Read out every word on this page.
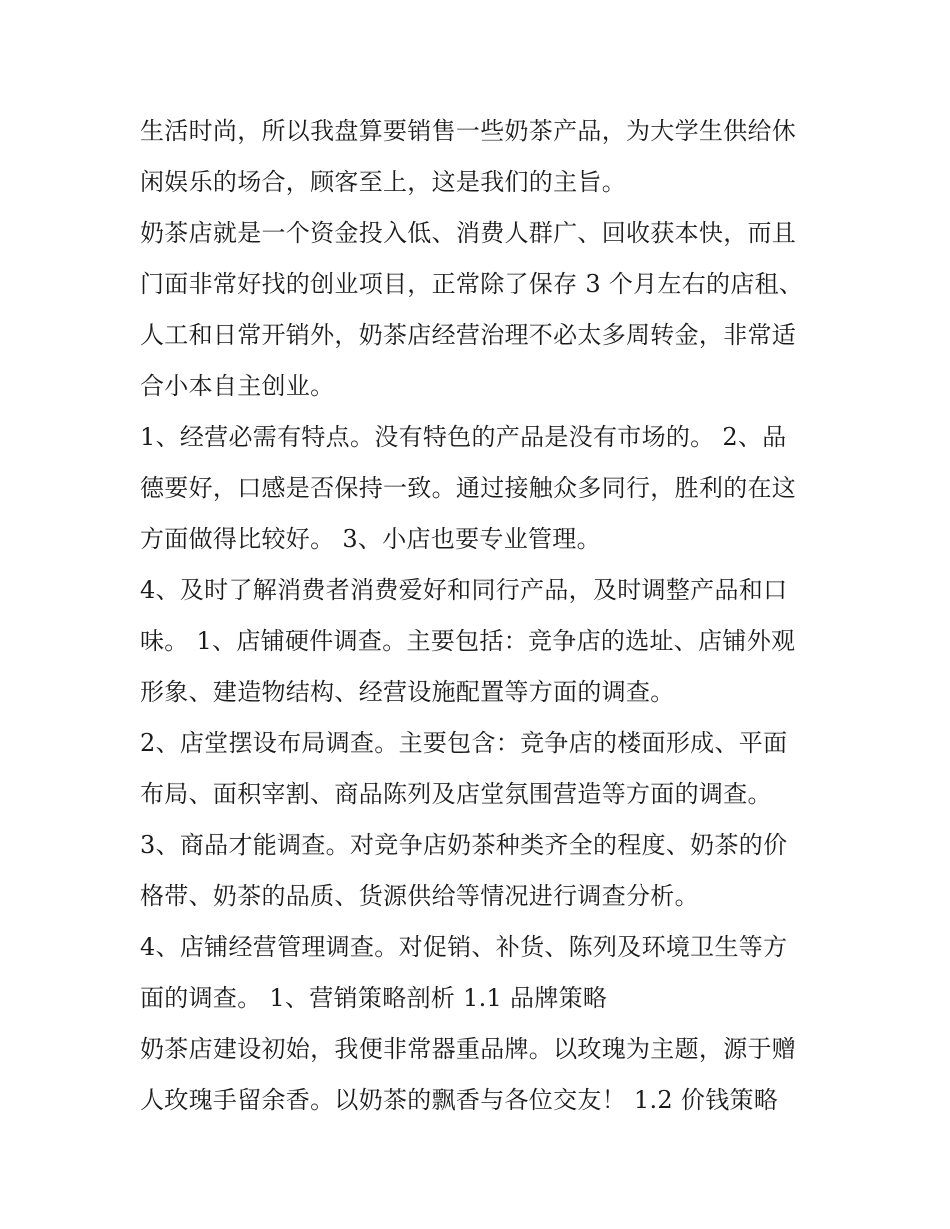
生活时尚，所以我盘算要销售一些奶茶产品，为大学生供给休
闲娱乐的场合，顾客至上，这是我们的主旨。
奶茶店就是一个资金投入低、消费人群广、回收获本快，而且
门面非常好找的创业项目，正常除了保存 3 个月左右的店租、
人工和日常开销外，奶茶店经营治理不必太多周转金，非常适
合小本自主创业。
1、经营必需有特点。没有特色的产品是没有市场的。 2、品
德要好，口感是否保持一致。通过接触众多同行，胜利的在这
方面做得比较好。 3、小店也要专业管理。
4、及时了解消费者消费爱好和同行产品，及时调整产品和口
味。 1、店铺硬件调查。主要包括：竞争店的选址、店铺外观
形象、建造物结构、经营设施配置等方面的调查。
2、店堂摆设布局调查。主要包含：竞争店的楼面形成、平面
布局、面积宰割、商品陈列及店堂氛围营造等方面的调查。
3、商品才能调查。对竞争店奶茶种类齐全的程度、奶茶的价
格带、奶茶的品质、货源供给等情况进行调查分析。
4、店铺经营管理调查。对促销、补货、陈列及环境卫生等方
面的调查。 1、营销策略剖析 1.1 品牌策略
奶茶店建设初始，我便非常器重品牌。以玫瑰为主题，源于赠
人玫瑰手留余香。以奶茶的飘香与各位交友！ 1.2 价钱策略
